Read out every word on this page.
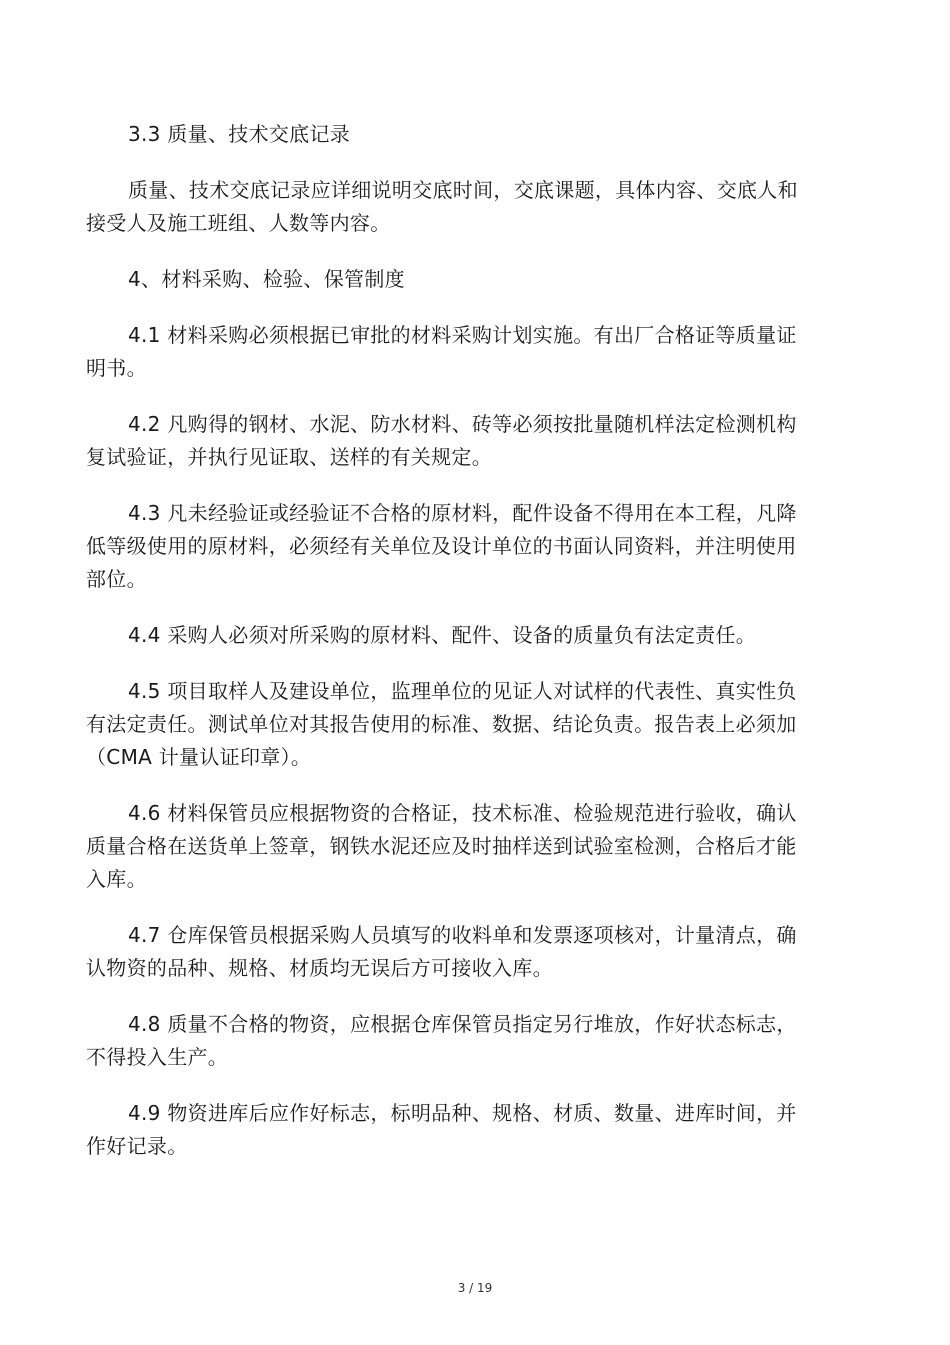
3.3 质量、技术交底记录

质量、技术交底记录应详细说明交底时间，交底课题，具体内容、交底人和接受人及施工班组、人数等内容。

4、材料采购、检验、保管制度

4.1 材料采购必须根据已审批的材料采购计划实施。有出厂合格证等质量证明书。

4.2 凡购得的钢材、水泥、防水材料、砖等必须按批量随机样法定检测机构复试验证，并执行见证取、送样的有关规定。

4.3 凡未经验证或经验证不合格的原材料，配件设备不得用在本工程，凡降低等级使用的原材料，必须经有关单位及设计单位的书面认同资料，并注明使用部位。

4.4 采购人必须对所采购的原材料、配件、设备的质量负有法定责任。

4.5 项目取样人及建设单位，监理单位的见证人对试样的代表性、真实性负有法定责任。测试单位对其报告使用的标准、数据、结论负责。报告表上必须加（CMA 计量认证印章）。

4.6 材料保管员应根据物资的合格证，技术标准、检验规范进行验收，确认质量合格在送货单上签章，钢铁水泥还应及时抽样送到试验室检测，合格后才能入库。

4.7 仓库保管员根据采购人员填写的收料单和发票逐项核对，计量清点，确认物资的品种、规格、材质均无误后方可接收入库。

4.8 质量不合格的物资，应根据仓库保管员指定另行堆放，作好状态标志，不得投入生产。

4.9 物资进库后应作好标志，标明品种、规格、材质、数量、进库时间，并作好记录。

3 / 19
